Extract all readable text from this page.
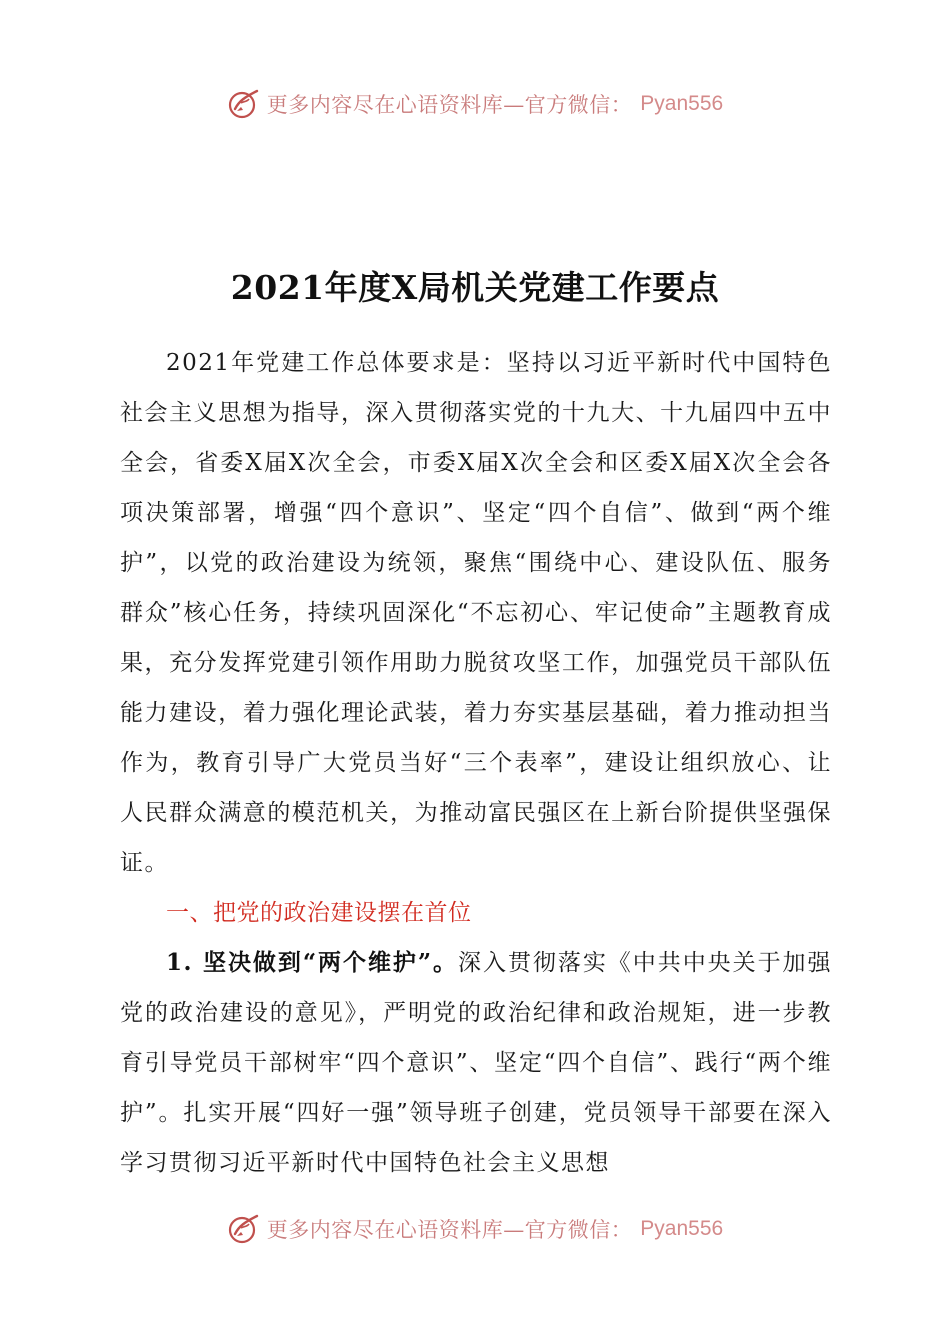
更多内容尽在心语资料库—官方微信： Pyan556
2021年度X局机关党建工作要点

2021年党建工作总体要求是：坚持以习近平新时代中国特色社会主义思想为指导，深入贯彻落实党的十九大、十九届四中五中全会，省委X届X次全会，市委X届X次全会和区委X届X次全会各项决策部署，增强“四个意识”、坚定“四个自信”、做到“两个维护”，以党的政治建设为统领，聚焦“围绕中心、建设队伍、服务群众”核心任务，持续巩固深化“不忘初心、牢记使命”主题教育成果，充分发挥党建引领作用助力脱贫攻坚工作，加强党员干部队伍能力建设，着力强化理论武装，着力夯实基层基础，着力推动担当作为，教育引导广大党员当好“三个表率”，建设让组织放心、让人民群众满意的模范机关，为推动富民强区在上新台阶提供坚强保证。

一、把党的政治建设摆在首位

1. 坚决做到“两个维护”。深入贯彻落实《中共中央关于加强党的政治建设的意见》，严明党的政治纪律和政治规矩，进一步教育引导党员干部树牢“四个意识”、坚定“四个自信”、践行“两个维护”。扎实开展“四好一强”领导班子创建，党员领导干部要在深入学习贯彻习近平新时代中国特色社会主义思想

更多内容尽在心语资料库—官方微信： Pyan556
